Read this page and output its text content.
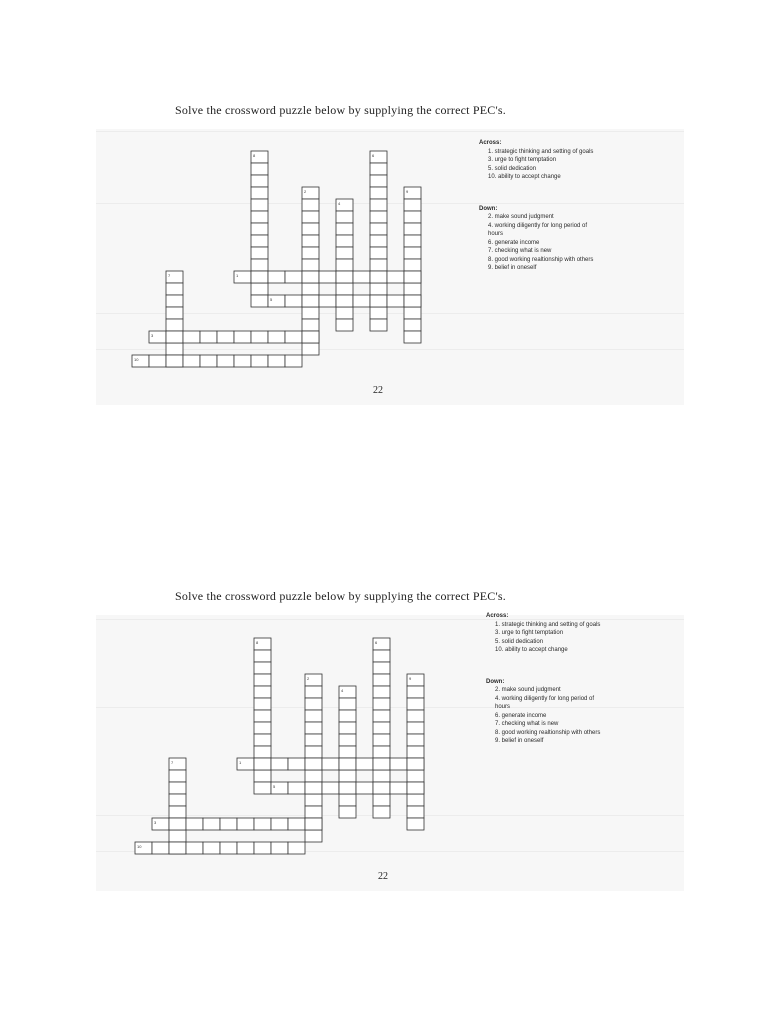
Solve the crossword puzzle below by supplying the correct PEC's.
8	6
2	9
4
1
7
5
3
10
Across:
1. strategic thinking and setting of goals
3. urge to fight temptation
5. solid dedication
10. ability to accept change
Down:
2. make sound judgment
4. working diligently for long period of
hours
6. generate income
7. checking what is new
8. good working realtionship with others
9. belief in oneself
22
Solve the crossword puzzle below by supplying the correct PEC's.
8	6
2	9
4
1
7
5
3
10
Across:
1. strategic thinking and setting of goals
3. urge to fight temptation
5. solid dedication
10. ability to accept change
Down:
2. make sound judgment
4. working diligently for long period of
hours
6. generate income
7. checking what is new
8. good working realtionship with others
9. belief in oneself
22
